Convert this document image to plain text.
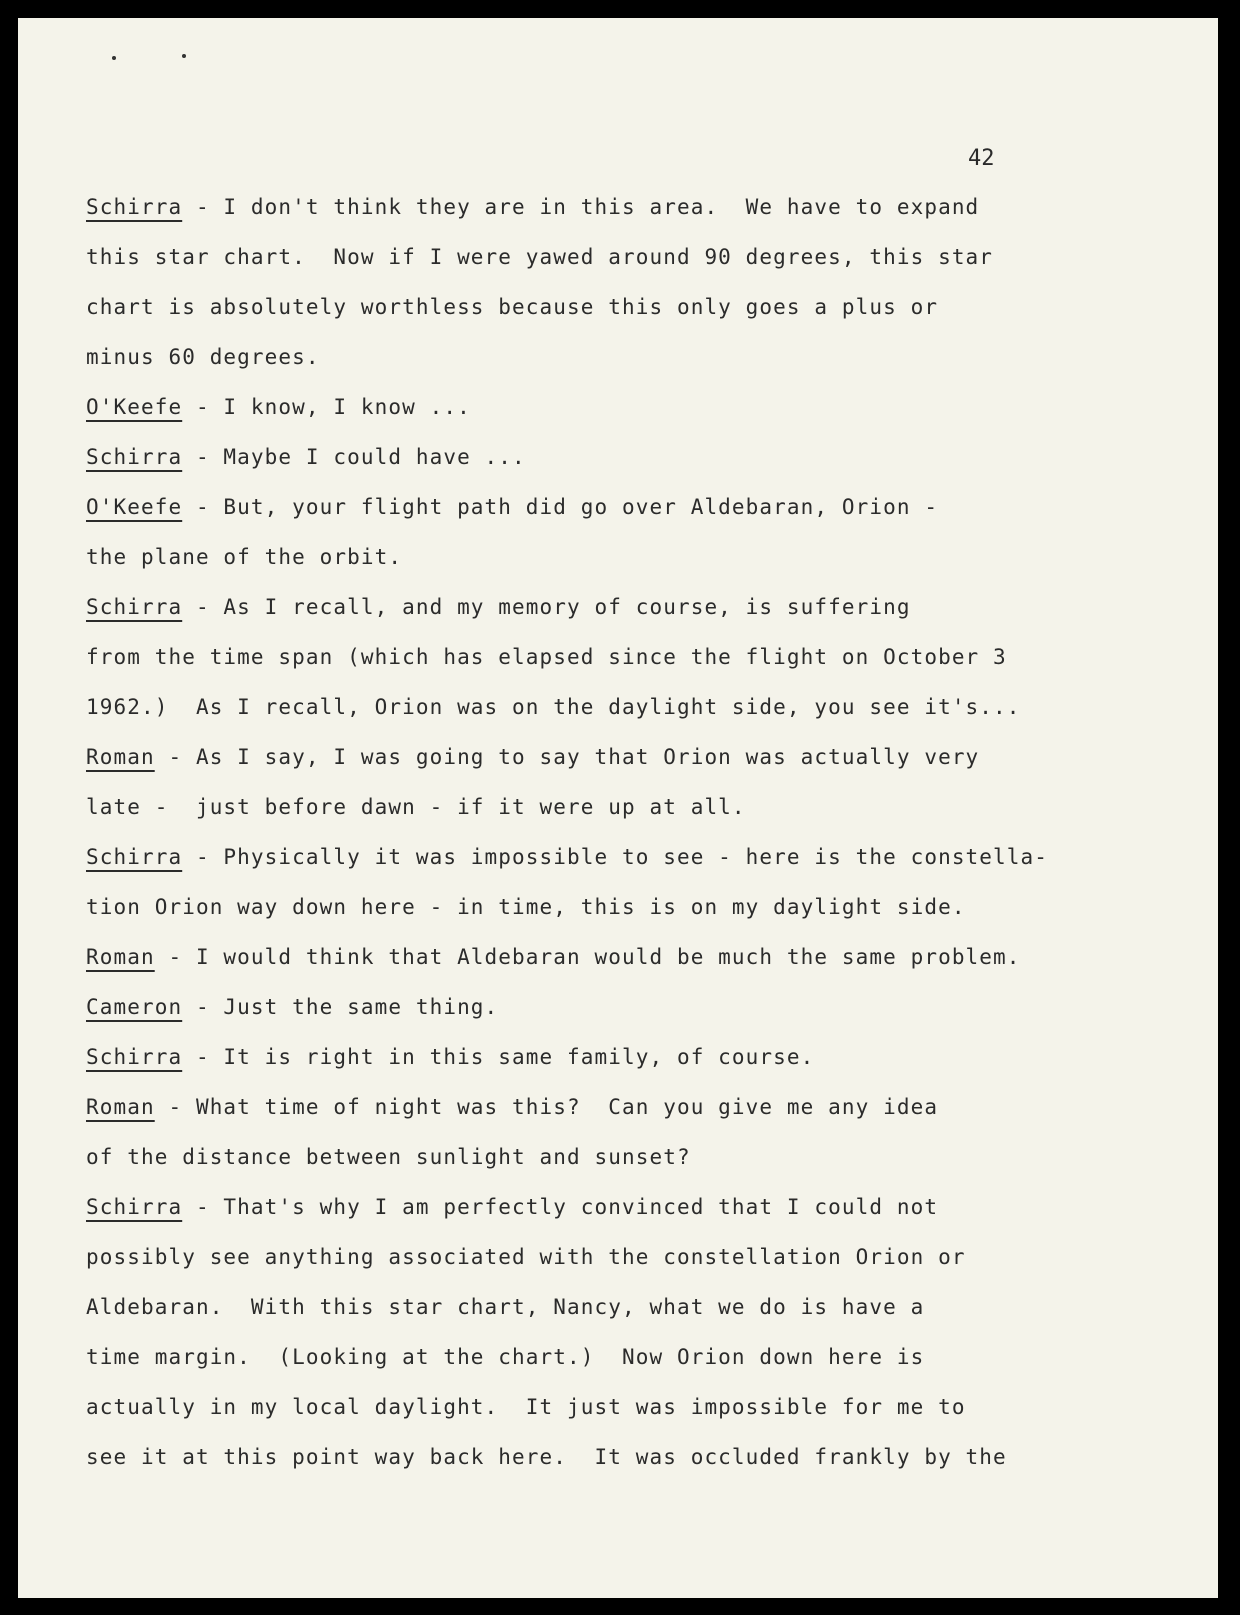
42
Schirra - I don't think they are in this area.  We have to expand
this star chart.  Now if I were yawed around 90 degrees, this star
chart is absolutely worthless because this only goes a plus or
minus 60 degrees.
O'Keefe - I know, I know ...
Schirra - Maybe I could have ...
O'Keefe - But, your flight path did go over Aldebaran, Orion -
the plane of the orbit.
Schirra - As I recall, and my memory of course, is suffering
from the time span (which has elapsed since the flight on October 3
1962.)  As I recall, Orion was on the daylight side, you see it's...
Roman - As I say, I was going to say that Orion was actually very
late -  just before dawn - if it were up at all.
Schirra - Physically it was impossible to see - here is the constella-
tion Orion way down here - in time, this is on my daylight side.
Roman - I would think that Aldebaran would be much the same problem.
Cameron - Just the same thing.
Schirra - It is right in this same family, of course.
Roman - What time of night was this?  Can you give me any idea
of the distance between sunlight and sunset?
Schirra - That's why I am perfectly convinced that I could not
possibly see anything associated with the constellation Orion or
Aldebaran.  With this star chart, Nancy, what we do is have a
time margin.  (Looking at the chart.)  Now Orion down here is
actually in my local daylight.  It just was impossible for me to
see it at this point way back here.  It was occluded frankly by the
